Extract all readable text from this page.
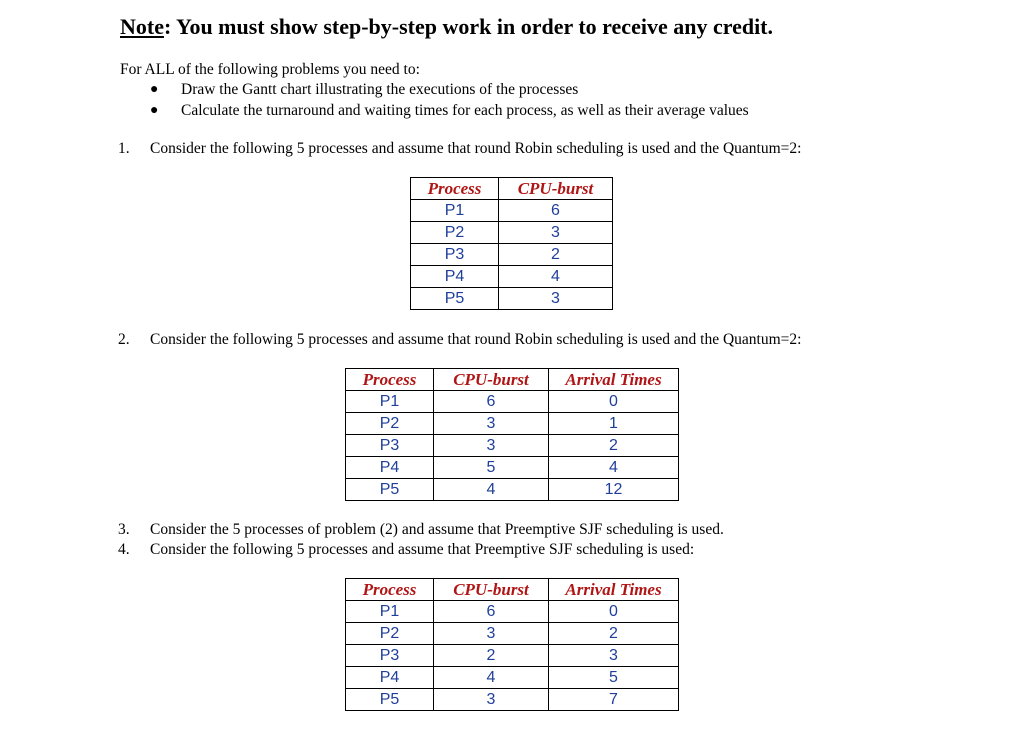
Note: You must show step-by-step work in order to receive any credit.
For ALL of the following problems you need to:
● Draw the Gantt chart illustrating the executions of the processes
● Calculate the turnaround and waiting times for each process, as well as their average values
1. Consider the following 5 processes and assume that round Robin scheduling is used and the Quantum=2:
Process	CPU-burst
P1	6
P2	3
P3	2
P4	4
P5	3
2. Consider the following 5 processes and assume that round Robin scheduling is used and the Quantum=2:
Process	CPU-burst	Arrival Times
P1	6	0
P2	3	1
P3	3	2
P4	5	4
P5	4	12
3. Consider the 5 processes of problem (2) and assume that Preemptive SJF scheduling is used.
4. Consider the following 5 processes and assume that Preemptive SJF scheduling is used:
Process	CPU-burst	Arrival Times
P1	6	0
P2	3	2
P3	2	3
P4	4	5
P5	3	7
